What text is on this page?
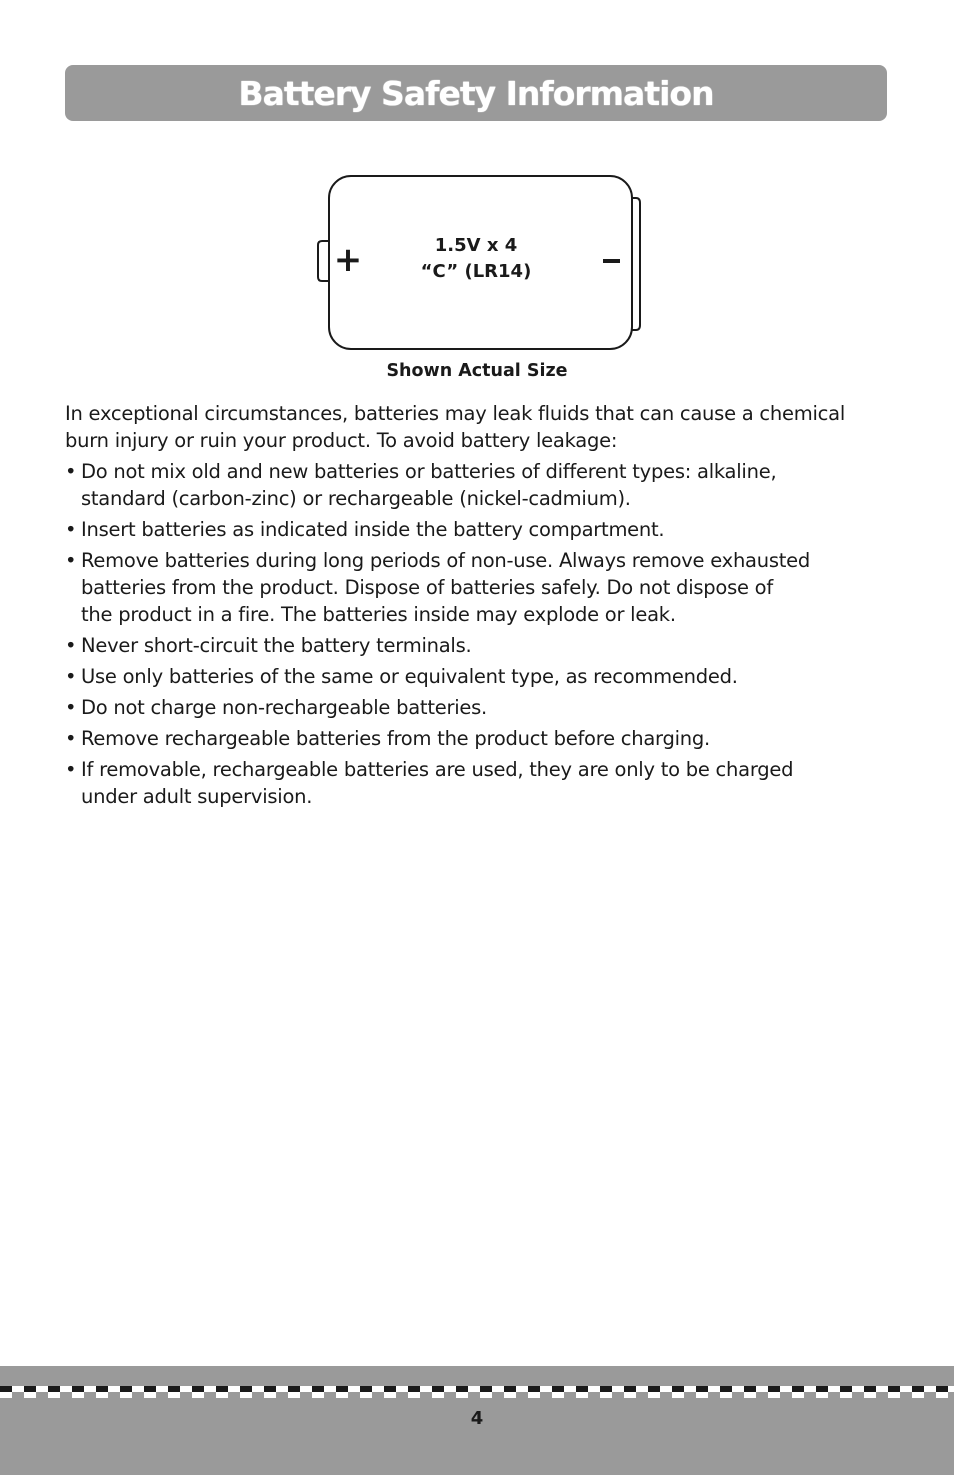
Battery Safety Information
+	1.5V x 4
“C” (LR14)
Shown Actual Size

In exceptional circumstances, batteries may leak fluids that can cause a chemical
burn injury or ruin your product. To avoid battery leakage:

• Do not mix old and new batteries or batteries of different types: alkaline,
standard (carbon-zinc) or rechargeable (nickel-cadmium).
• Insert batteries as indicated inside the battery compartment.
• Remove batteries during long periods of non-use. Always remove exhausted
batteries from the product. Dispose of batteries safely. Do not dispose of
the product in a fire. The batteries inside may explode or leak.
• Never short-circuit the battery terminals.
• Use only batteries of the same or equivalent type, as recommended.
• Do not charge non-rechargeable batteries.
• Remove rechargeable batteries from the product before charging.
• If removable, rechargeable batteries are used, they are only to be charged
under adult supervision.
4
